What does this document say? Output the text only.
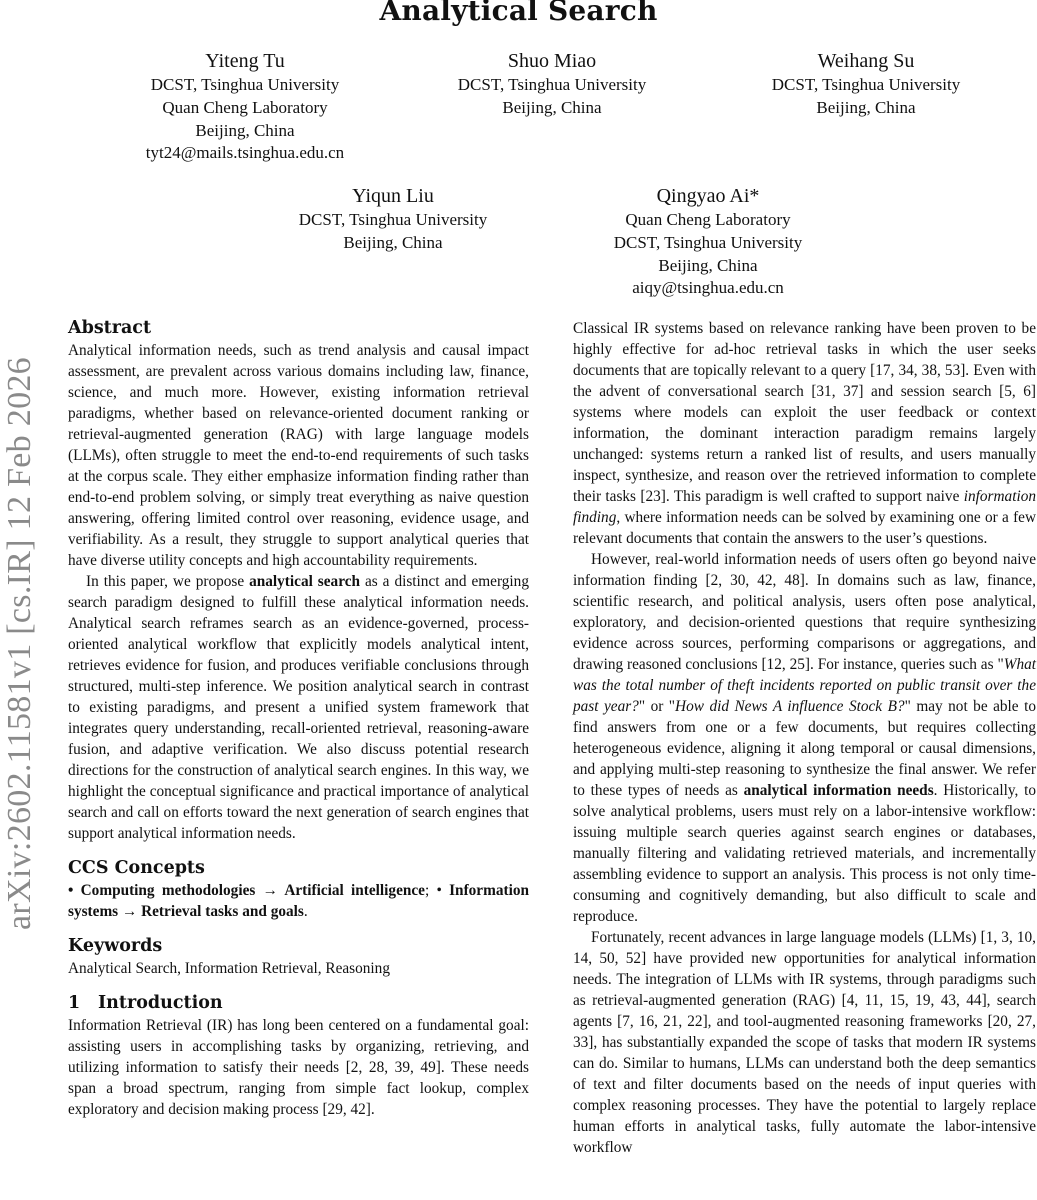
Analytical Search
Yiteng Tu
DCST, Tsinghua University
Quan Cheng Laboratory
Beijing, China
tyt24@mails.tsinghua.edu.cn
Shuo Miao
DCST, Tsinghua University
Beijing, China
Weihang Su
DCST, Tsinghua University
Beijing, China
Yiqun Liu
DCST, Tsinghua University
Beijing, China
Qingyao Ai*
Quan Cheng Laboratory
DCST, Tsinghua University
Beijing, China
aiqy@tsinghua.edu.cn
arXiv:2602.11581v1 [cs.IR] 12 Feb 2026
Abstract

Analytical information needs, such as trend analysis and causal impact assessment, are prevalent across various domains including law, finance, science, and much more. However, existing information retrieval paradigms, whether based on relevance-oriented document ranking or retrieval-augmented generation (RAG) with large language models (LLMs), often struggle to meet the end-to-end requirements of such tasks at the corpus scale. They either emphasize information finding rather than end-to-end problem solving, or simply treat everything as naive question answering, offering limited control over reasoning, evidence usage, and verifiability. As a result, they struggle to support analytical queries that have diverse utility concepts and high accountability requirements.

In this paper, we propose analytical search as a distinct and emerging search paradigm designed to fulfill these analytical information needs. Analytical search reframes search as an evidence-governed, process-oriented analytical workflow that explicitly models analytical intent, retrieves evidence for fusion, and produces verifiable conclusions through structured, multi-step inference. We position analytical search in contrast to existing paradigms, and present a unified system framework that integrates query understanding, recall-oriented retrieval, reasoning-aware fusion, and adaptive verification. We also discuss potential research directions for the construction of analytical search engines. In this way, we highlight the conceptual significance and practical importance of analytical search and call on efforts toward the next generation of search engines that support analytical information needs.

CCS Concepts

• Computing methodologies → Artificial intelligence; • Information systems → Retrieval tasks and goals.

Keywords

Analytical Search, Information Retrieval, Reasoning

1 Introduction

Information Retrieval (IR) has long been centered on a fundamental goal: assisting users in accomplishing tasks by organizing, retrieving, and utilizing information to satisfy their needs [2, 28, 39, 49]. These needs span a broad spectrum, ranging from simple fact lookup, complex exploratory and decision making process [29, 42].

Classical IR systems based on relevance ranking have been proven to be highly effective for ad-hoc retrieval tasks in which the user seeks documents that are topically relevant to a query [17, 34, 38, 53]. Even with the advent of conversational search [31, 37] and session search [5, 6] systems where models can exploit the user feedback or context information, the dominant interaction paradigm remains largely unchanged: systems return a ranked list of results, and users manually inspect, synthesize, and reason over the retrieved information to complete their tasks [23]. This paradigm is well crafted to support naive information finding, where information needs can be solved by examining one or a few relevant documents that contain the answers to the user’s questions.

However, real-world information needs of users often go beyond naive information finding [2, 30, 42, 48]. In domains such as law, finance, scientific research, and political analysis, users often pose analytical, exploratory, and decision-oriented questions that require synthesizing evidence across sources, performing comparisons or aggregations, and drawing reasoned conclusions [12, 25]. For instance, queries such as "What was the total number of theft incidents reported on public transit over the past year?" or "How did News A influence Stock B?" may not be able to find answers from one or a few documents, but requires collecting heterogeneous evidence, aligning it along temporal or causal dimensions, and applying multi-step reasoning to synthesize the final answer. We refer to these types of needs as analytical information needs. Historically, to solve analytical problems, users must rely on a labor-intensive workflow: issuing multiple search queries against search engines or databases, manually filtering and validating retrieved materials, and incrementally assembling evidence to support an analysis. This process is not only time-consuming and cognitively demanding, but also difficult to scale and reproduce.

Fortunately, recent advances in large language models (LLMs) [1, 3, 10, 14, 50, 52] have provided new opportunities for analytical information needs. The integration of LLMs with IR systems, through paradigms such as retrieval-augmented generation (RAG) [4, 11, 15, 19, 43, 44], search agents [7, 16, 21, 22], and tool-augmented reasoning frameworks [20, 27, 33], has substantially expanded the scope of tasks that modern IR systems can do. Similar to humans, LLMs can understand both the deep semantics of text and filter documents based on the needs of input queries with complex reasoning processes. They have the potential to largely replace human efforts in analytical tasks, fully automate the labor-intensive workflow
